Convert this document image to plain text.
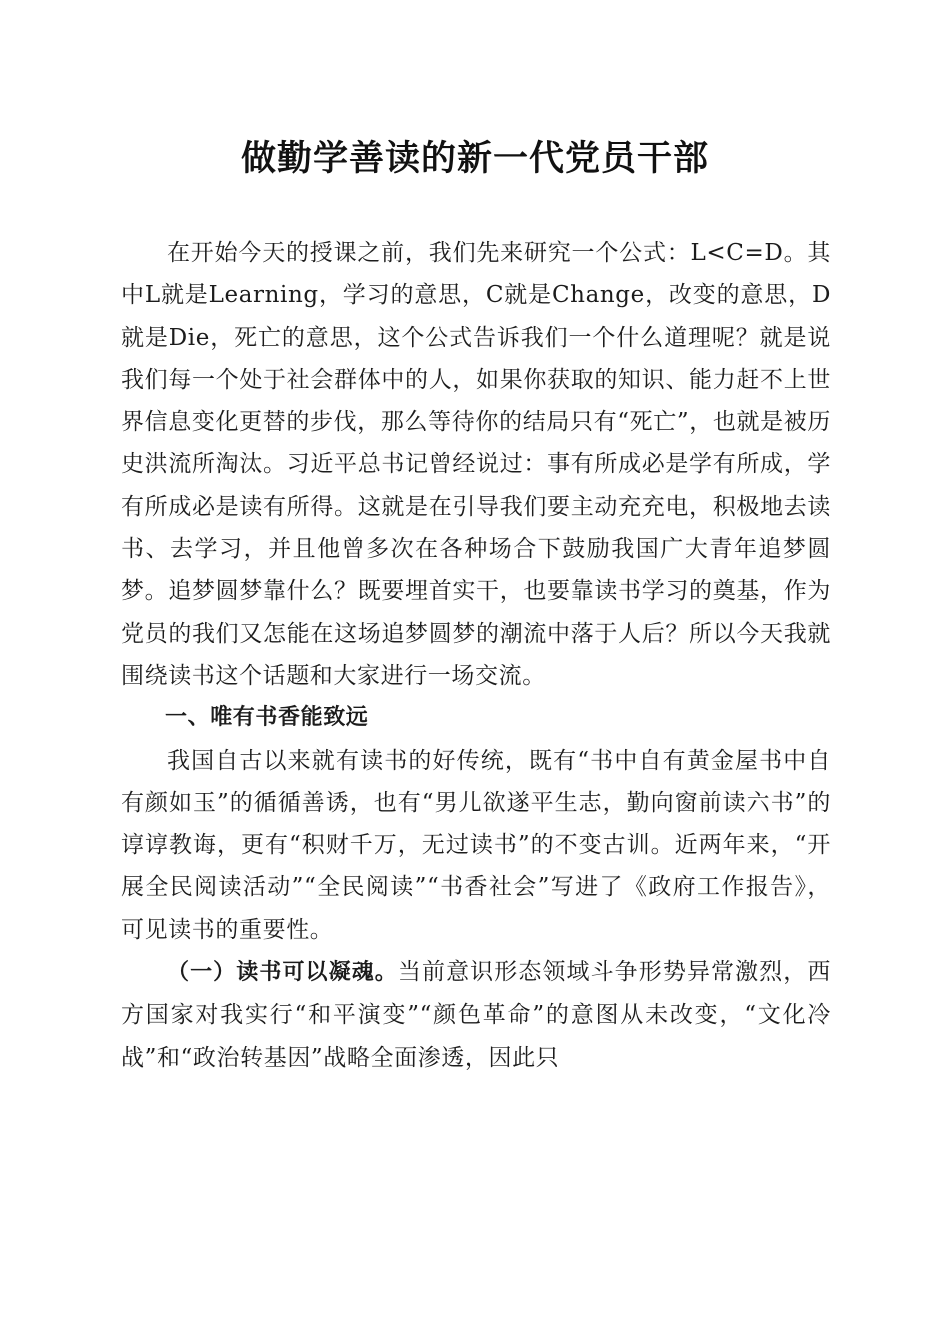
做勤学善读的新一代党员干部

在开始今天的授课之前，我们先来研究一个公式：L<C=D。其中L就是Learning，学习的意思，C就是Change，改变的意思，D就是Die，死亡的意思，这个公式告诉我们一个什么道理呢？就是说我们每一个处于社会群体中的人，如果你获取的知识、能力赶不上世界信息变化更替的步伐，那么等待你的结局只有“死亡”，也就是被历史洪流所淘汰。习近平总书记曾经说过：事有所成必是学有所成，学有所成必是读有所得。这就是在引导我们要主动充充电，积极地去读书、去学习，并且他曾多次在各种场合下鼓励我国广大青年追梦圆梦。追梦圆梦靠什么？既要埋首实干，也要靠读书学习的奠基，作为党员的我们又怎能在这场追梦圆梦的潮流中落于人后？所以今天我就围绕读书这个话题和大家进行一场交流。

一、唯有书香能致远

我国自古以来就有读书的好传统，既有“书中自有黄金屋书中自有颜如玉”的循循善诱，也有“男儿欲遂平生志，勤向窗前读六书”的谆谆教诲，更有“积财千万，无过读书”的不变古训。近两年来，“开展全民阅读活动”“全民阅读”“书香社会”写进了《政府工作报告》，可见读书的重要性。

（一）读书可以凝魂。当前意识形态领域斗争形势异常激烈，西方国家对我实行“和平演变”“颜色革命”的意图从未改变，“文化冷战”和“政治转基因”战略全面渗透，因此只
